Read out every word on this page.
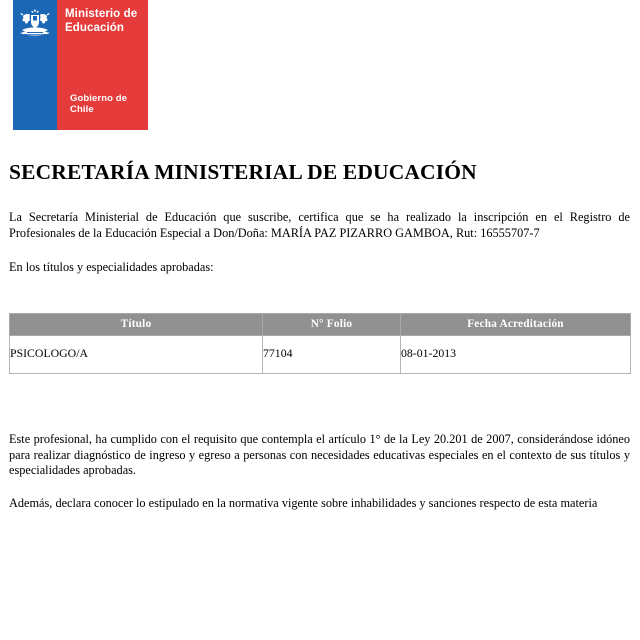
Ministerio de
Educación
Gobierno de Chile
SECRETARÍA MINISTERIAL DE EDUCACIÓN

La Secretaría Ministerial de Educación que suscribe, certifica que se ha realizado la inscripción en el Registro de Profesionales de la Educación Especial a Don/Doña: MARÍA PAZ PIZARRO GAMBOA, Rut: 16555707-7

En los títulos y especialidades aprobadas:

Título	N° Folio	Fecha Acreditación
PSICOLOGO/A	77104	08-01-2013

Este profesional, ha cumplido con el requisito que contempla el artículo 1° de la Ley 20.201 de 2007, considerándose idóneo para realizar diagnóstico de ingreso y egreso a personas con necesidades educativas especiales en el contexto de sus títulos y especialidades aprobadas.

Además, declara conocer lo estipulado en la normativa vigente sobre inhabilidades y sanciones respecto de esta materia
